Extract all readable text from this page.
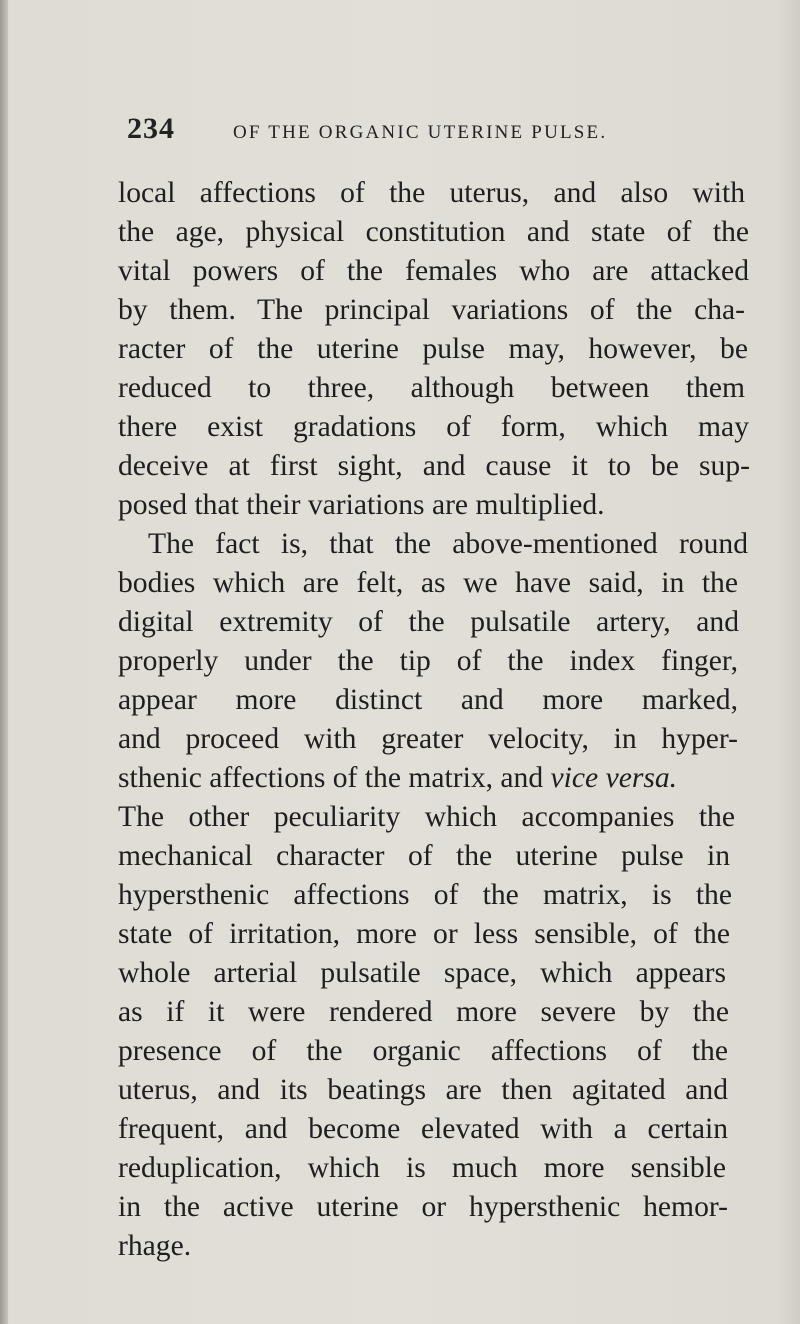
234	OF THE ORGANIC UTERINE PULSE.
local affections of the uterus, and also with
the age, physical constitution and state of the
vital powers of the females who are attacked
by them. The principal variations of the cha-
racter of the uterine pulse may, however, be
reduced to three, although between them
there exist gradations of form, which may
deceive at first sight, and cause it to be sup-
posed that their variations are multiplied.
The fact is, that the above-mentioned round
bodies which are felt, as we have said, in the
digital extremity of the pulsatile artery, and
properly under the tip of the index finger,
appear more distinct and more marked,
and proceed with greater velocity, in hyper-
sthenic affections of the matrix, and vice versa.
The other peculiarity which accompanies the
mechanical character of the uterine pulse in
hypersthenic affections of the matrix, is the
state of irritation, more or less sensible, of the
whole arterial pulsatile space, which appears
as if it were rendered more severe by the
presence of the organic affections of the
uterus, and its beatings are then agitated and
frequent, and become elevated with a certain
reduplication, which is much more sensible
in the active uterine or hypersthenic hemor-
rhage.
